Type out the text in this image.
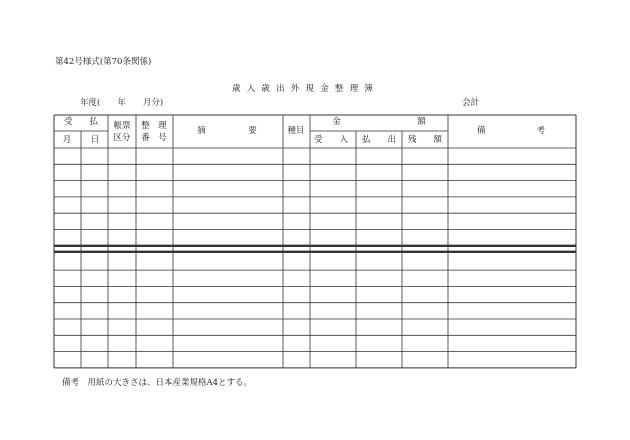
第42号様式(第70条関係)
歳入歳出外現金整理簿
年度(　　年　　月分)	会計
受　　払
月 日
帳票
区分
整　理
番　号
摘　　　　　要	種目
金　　　　　　　　　額
受　　入 払　　出 残　　額
備　　　　　　考
備考　用紙の大きさは、日本産業規格A4とする。
